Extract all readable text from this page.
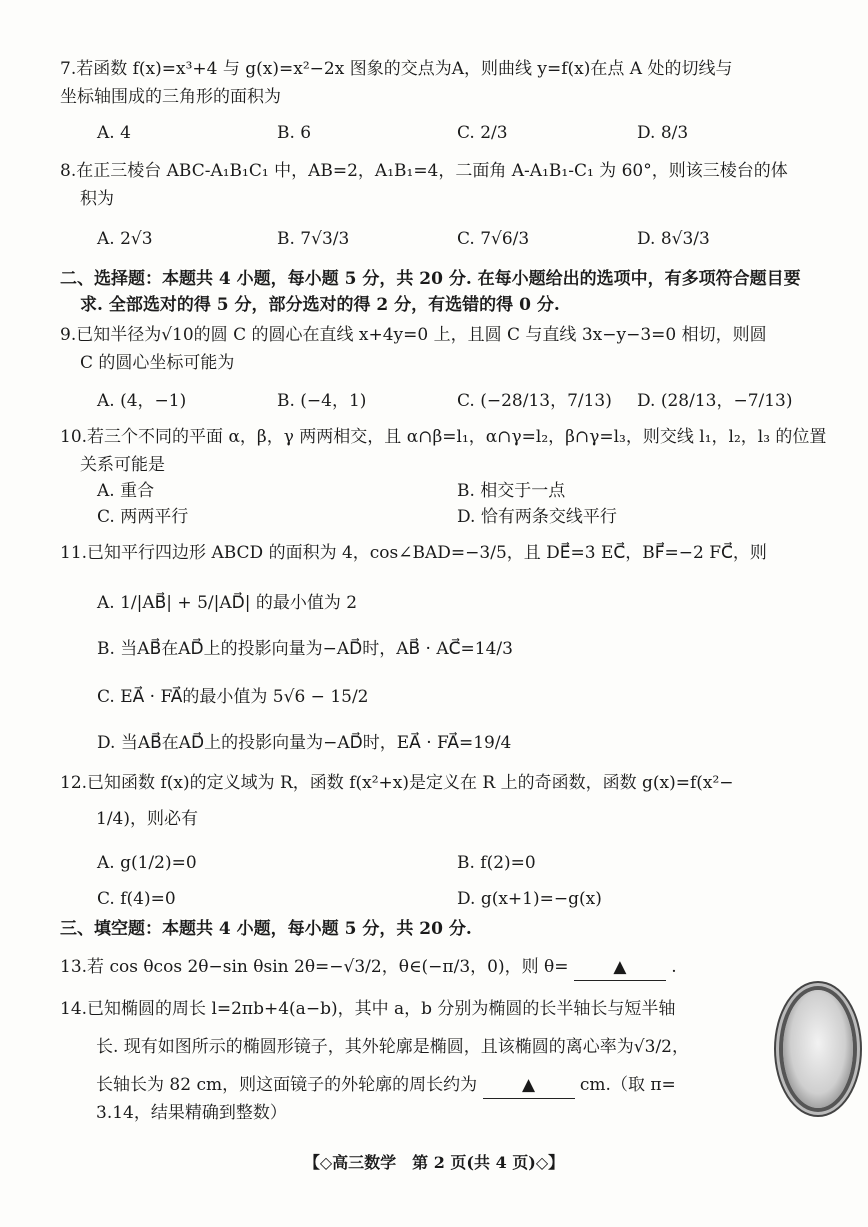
7.若函数 f(x)=x³+4 与 g(x)=x²−2x 图象的交点为A，则曲线 y=f(x)在点 A 处的切线与
坐标轴围成的三角形的面积为
A. 4	B. 6	C. 2/3	D. 8/3
8.在正三棱台 ABC-A₁B₁C₁ 中，AB=2，A₁B₁=4，二面角 A-A₁B₁-C₁ 为 60°，则该三棱台的体
积为
A. 2√3	B. 7√3/3	C. 7√6/3	D. 8√3/3
二、选择题：本题共 4 小题，每小题 5 分，共 20 分. 在每小题给出的选项中，有多项符合题目要
求. 全部选对的得 5 分，部分选对的得 2 分，有选错的得 0 分.
9.已知半径为√10的圆 C 的圆心在直线 x+4y=0 上，且圆 C 与直线 3x−y−3=0 相切，则圆
C 的圆心坐标可能为
A. (4，−1)	B. (−4，1)	C. (−28/13，7/13) D. (28/13，−7/13)
10.若三个不同的平面 α，β，γ 两两相交，且 α∩β=l₁，α∩γ=l₂，β∩γ=l₃，则交线 l₁，l₂，l₃ 的位置
关系可能是
A. 重合	B. 相交于一点
C. 两两平行	D. 恰有两条交线平行
11.已知平行四边形 ABCD 的面积为 4，cos∠BAD=−3/5，且 DE⃗=3 EC⃗，BF⃗=−2 FC⃗，则
A. 1/|AB⃗| + 5/|AD⃗| 的最小值为 2
B. 当AB⃗在AD⃗上的投影向量为−AD⃗时，AB⃗ · AC⃗=14/3
C. EA⃗ · FA⃗的最小值为 5√6 − 15/2
D. 当AB⃗在AD⃗上的投影向量为−AD⃗时，EA⃗ · FA⃗=19/4
12.已知函数 f(x)的定义域为 R，函数 f(x²+x)是定义在 R 上的奇函数，函数 g(x)=f(x²−
1/4)，则必有
A. g(1/2)=0	B. f(2)=0
C. f(4)=0	D. g(x+1)=−g(x)
三、填空题：本题共 4 小题，每小题 5 分，共 20 分.
13.若 cos θcos 2θ−sin θsin 2θ=−√3/2，θ∈(−π/3，0)，则 θ=	▲	.
14.已知椭圆的周长 l=2πb+4(a−b)，其中 a，b 分别为椭圆的长半轴长与短半轴
长. 现有如图所示的椭圆形镜子，其外轮廓是椭圆，且该椭圆的离心率为√3/2，
长轴长为 82 cm，则这面镜子的外轮廓的周长约为	▲	cm.（取 π=
3.14，结果精确到整数）
【◇高三数学　第 2 页(共 4 页)◇】
